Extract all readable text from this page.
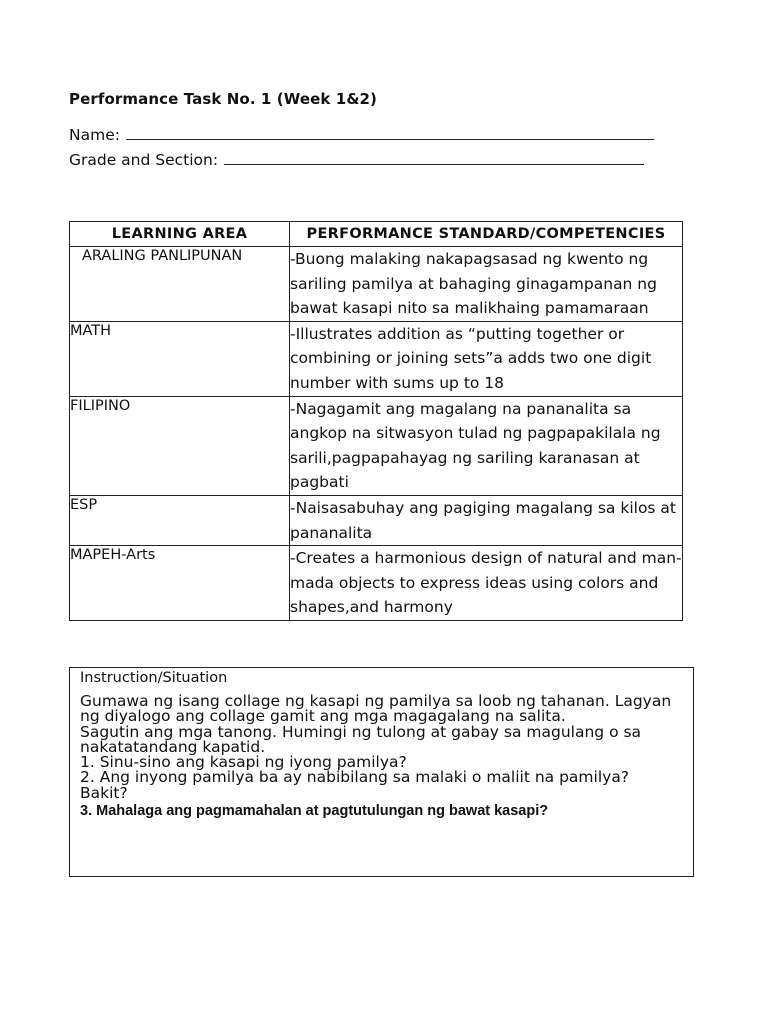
Performance Task No. 1 (Week 1&2)
Name:
Grade and Section:
LEARNING AREA	PERFORMANCE STANDARD/COMPETENCIES
ARALING PANLIPUNAN	-Buong malaking nakapagsasad ng kwento ng sariling pamilya at bahaging ginagampanan ng bawat kasapi nito sa malikhaing pamamaraan
MATH	-Illustrates addition as “putting together or combining or joining sets”a adds two one digit number with sums up to 18
FILIPINO	-Nagagamit ang magalang na pananalita sa angkop na sitwasyon tulad ng pagpapakilala ng sarili,pagpapahayag ng sariling karanasan at pagbati
ESP	-Naisasabuhay ang pagiging magalang sa kilos at pananalita
MAPEH-Arts	-Creates a harmonious design of natural and man-mada objects to express ideas using colors and shapes,and harmony
Instruction/Situation

Gumawa ng isang collage ng kasapi ng pamilya sa loob ng tahanan. Lagyan ng diyalogo ang collage gamit ang mga magagalang na salita.

Sagutin ang mga tanong. Humingi ng tulong at gabay sa magulang o sa nakatatandang kapatid.

1. Sinu-sino ang kasapi ng iyong pamilya?

2. Ang inyong pamilya ba ay nabibilang sa malaki o maliit na pamilya? Bakit?

3. Mahalaga ang pagmamahalan at pagtutulungan ng bawat kasapi?
